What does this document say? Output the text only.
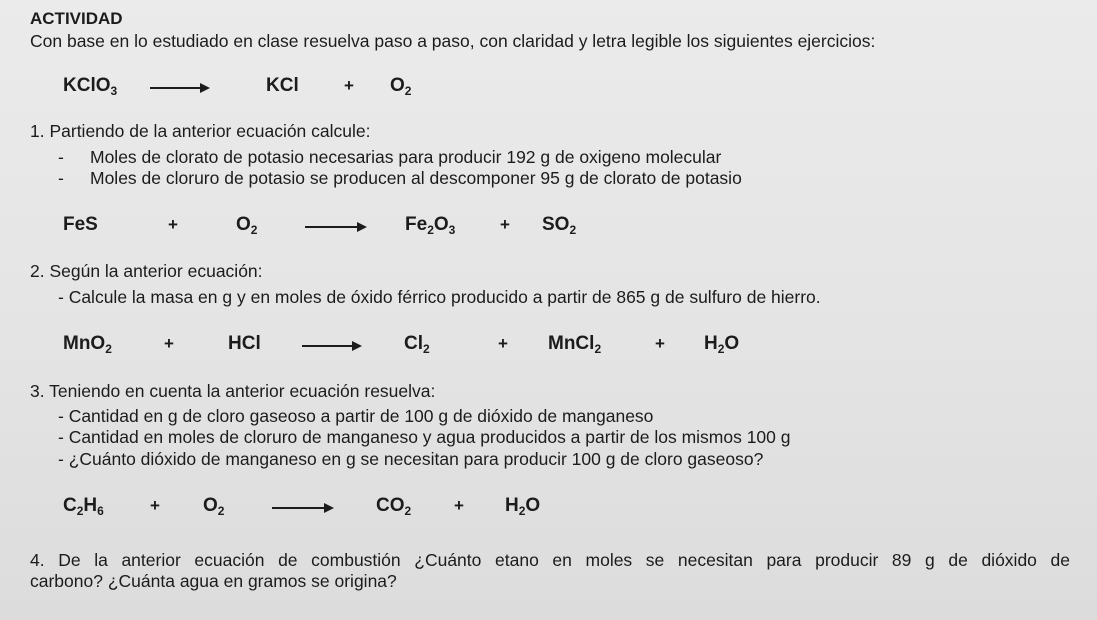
ACTIVIDAD
Con base en lo estudiado en clase resuelva paso a paso, con claridad y letra legible los siguientes ejercicios:
KClO$_3$	KCl	+ $O_2$
1. Partiendo de la anterior ecuación calcule:
- Moles de clorato de potasio necesarias para producir 192 g de oxigeno molecular
- Moles de cloruro de potasio se producen al descomponer 95 g de clorato de potasio
FeS	+	$O_2$	$Fe_2O_3$	+ $SO_2$
2. Según la anterior ecuación:
- Calcule la masa en g y en moles de óxido férrico producido a partir de 865 g de sulfuro de hierro.
MnO$_2$	+	HCl	$Cl_2$	+ MnCl$_2$	+ $H_2O$
3. Teniendo en cuenta la anterior ecuación resuelva:
- Cantidad en g de cloro gaseoso a partir de 100 g de dióxido de manganeso
- Cantidad en moles de cloruro de manganeso y agua producidos a partir de los mismos 100 g
- ¿Cuánto dióxido de manganeso en g se necesitan para producir 100 g de cloro gaseoso?
$C_2H_6$	+ $O_2$	$CO_2$	+ $H_2O$
4. De la anterior ecuación de combustión ¿Cuánto etano en moles se necesitan para producir 89 g de dióxido de
carbono? ¿Cuánta agua en gramos se origina?
